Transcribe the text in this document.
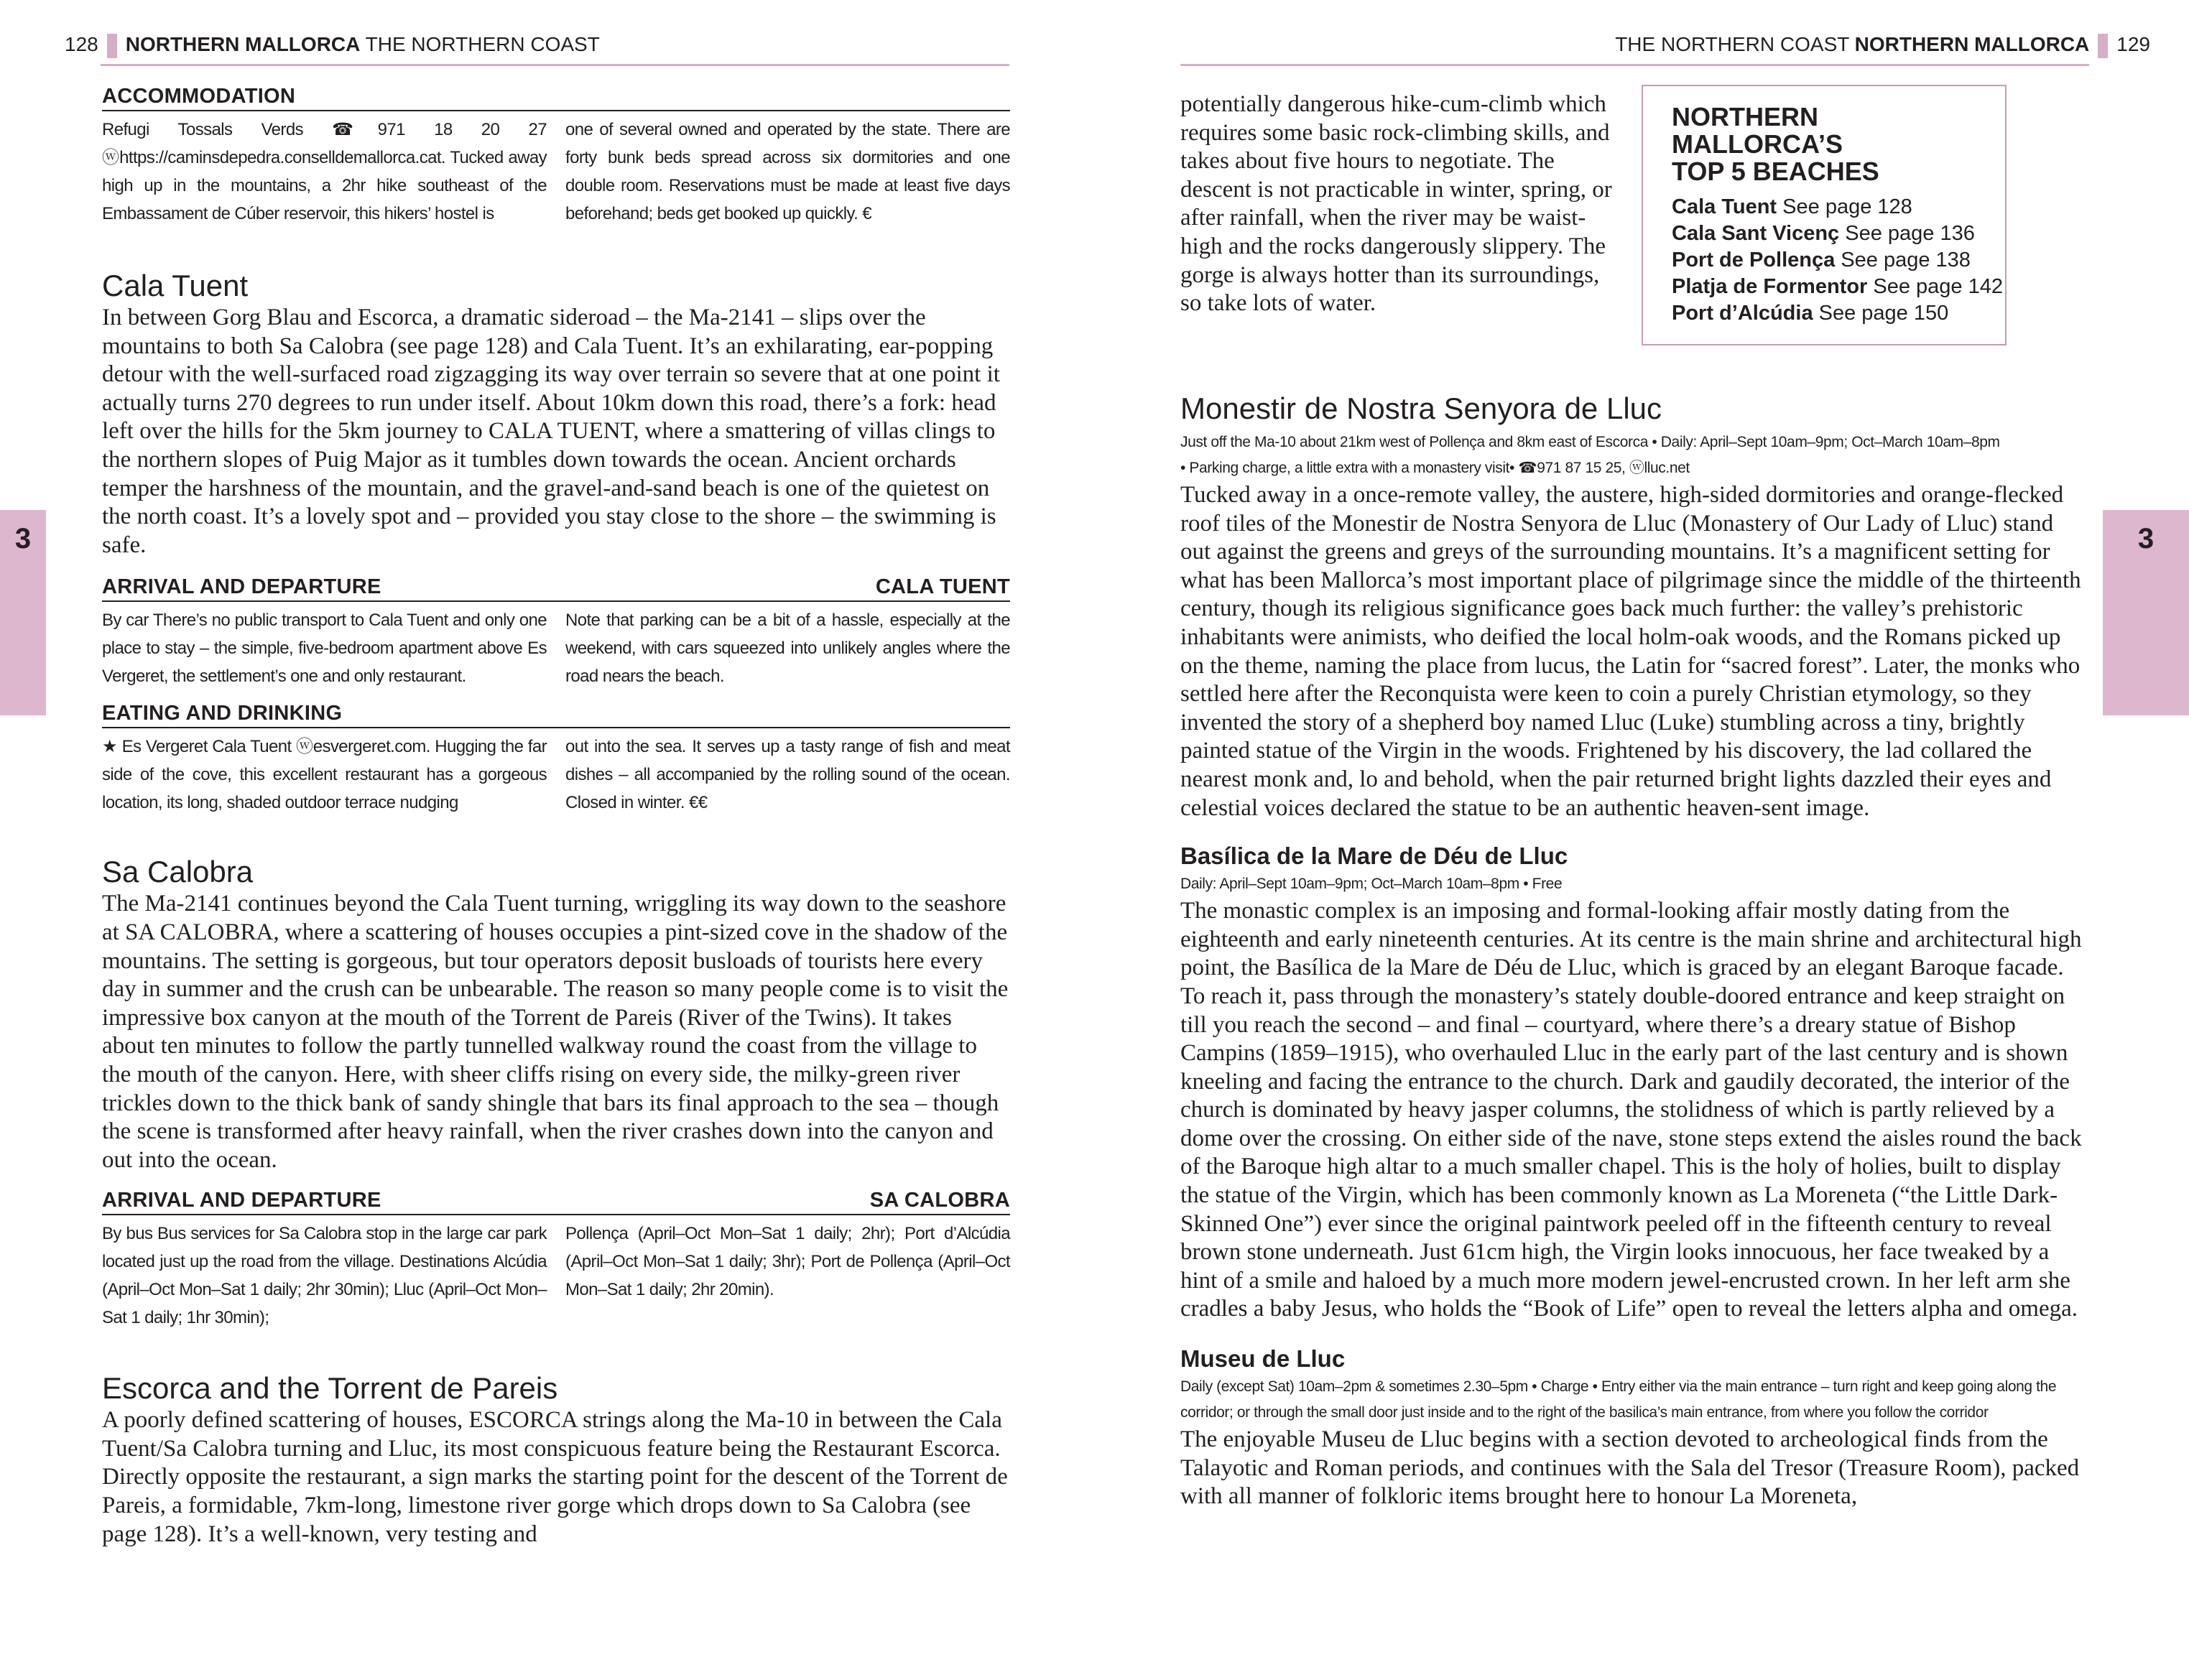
128 NORTHERN MALLORCA THE NORTHERN COAST
3
ACCOMMODATION

Refugi Tossals Verds ☎971 18 20 27 ⓦhttps://caminsdepedra.conselldemallorca.cat. Tucked away high up in the mountains, a 2hr hike southeast of the Embassament de Cúber reservoir, this hikers’ hostel is

one of several owned and operated by the state. There are forty bunk beds spread across six dormitories and one double room. Reservations must be made at least five days beforehand; beds get booked up quickly. €

Cala Tuent

In between Gorg Blau and Escorca, a dramatic sideroad – the Ma-2141 – slips over the mountains to both Sa Calobra (see page 128) and Cala Tuent. It’s an exhilarating, ear-popping detour with the well-surfaced road zigzagging its way over terrain so severe that at one point it actually turns 270 degrees to run under itself. About 10km down this road, there’s a fork: head left over the hills for the 5km journey to CALA TUENT, where a smattering of villas clings to the northern slopes of Puig Major as it tumbles down towards the ocean. Ancient orchards temper the harshness of the mountain, and the gravel-and-sand beach is one of the quietest on the north coast. It’s a lovely spot and – provided you stay close to the shore – the swimming is safe.

ARRIVAL AND DEPARTURE	CALA TUENT

By car There’s no public transport to Cala Tuent and only one place to stay – the simple, five-bedroom apartment above Es Vergeret, the settlement’s one and only restaurant.

Note that parking can be a bit of a hassle, especially at the weekend, with cars squeezed into unlikely angles where the road nears the beach.

EATING AND DRINKING

★ Es Vergeret Cala Tuent ⓦesvergeret.com. Hugging the far side of the cove, this excellent restaurant has a gorgeous location, its long, shaded outdoor terrace nudging

out into the sea. It serves up a tasty range of fish and meat dishes – all accompanied by the rolling sound of the ocean. Closed in winter. €€

Sa Calobra

The Ma-2141 continues beyond the Cala Tuent turning, wriggling its way down to the seashore at SA CALOBRA, where a scattering of houses occupies a pint-sized cove in the shadow of the mountains. The setting is gorgeous, but tour operators deposit busloads of tourists here every day in summer and the crush can be unbearable. The reason so many people come is to visit the impressive box canyon at the mouth of the Torrent de Pareis (River of the Twins). It takes about ten minutes to follow the partly tunnelled walkway round the coast from the village to the mouth of the canyon. Here, with sheer cliffs rising on every side, the milky-green river trickles down to the thick bank of sandy shingle that bars its final approach to the sea – though the scene is transformed after heavy rainfall, when the river crashes down into the canyon and out into the ocean.

ARRIVAL AND DEPARTURE	SA CALOBRA

By bus Bus services for Sa Calobra stop in the large car park located just up the road from the village. Destinations Alcúdia (April–Oct Mon–Sat 1 daily; 2hr 30min); Lluc (April–Oct Mon–Sat 1 daily; 1hr 30min);

Pollença (April–Oct Mon–Sat 1 daily; 2hr); Port d’Alcúdia (April–Oct Mon–Sat 1 daily; 3hr); Port de Pollença (April–Oct Mon–Sat 1 daily; 2hr 20min).

Escorca and the Torrent de Pareis

A poorly defined scattering of houses, ESCORCA strings along the Ma-10 in between the Cala Tuent/Sa Calobra turning and Lluc, its most conspicuous feature being the Restaurant Escorca. Directly opposite the restaurant, a sign marks the starting point for the descent of the Torrent de Pareis, a formidable, 7km-long, limestone river gorge which drops down to Sa Calobra (see page 128). It’s a well-known, very testing and

THE NORTHERN COAST NORTHERN MALLORCA 129
3

potentially dangerous hike-cum-climb which requires some basic rock-climbing skills, and takes about five hours to negotiate. The descent is not practicable in winter, spring, or after rainfall, when the river may be waist-high and the rocks dangerously slippery. The gorge is always hotter than its surroundings, so take lots of water.

NORTHERN MALLORCA’S
TOP 5 BEACHES

Cala Tuent See page 128
Cala Sant Vicenç See page 136
Port de Pollença See page 138
Platja de Formentor See page 142
Port d’Alcúdia See page 150
Monestir de Nostra Senyora de Lluc

Just off the Ma-10 about 21km west of Pollença and 8km east of Escorca • Daily: April–Sept 10am–9pm; Oct–March 10am–8pm

• Parking charge, a little extra with a monastery visit• ☎971 87 15 25, ⓦlluc.net

Tucked away in a once-remote valley, the austere, high-sided dormitories and orange-flecked roof tiles of the Monestir de Nostra Senyora de Lluc (Monastery of Our Lady of Lluc) stand out against the greens and greys of the surrounding mountains. It’s a magnificent setting for what has been Mallorca’s most important place of pilgrimage since the middle of the thirteenth century, though its religious significance goes back much further: the valley’s prehistoric inhabitants were animists, who deified the local holm-oak woods, and the Romans picked up on the theme, naming the place from lucus, the Latin for “sacred forest”. Later, the monks who settled here after the Reconquista were keen to coin a purely Christian etymology, so they invented the story of a shepherd boy named Lluc (Luke) stumbling across a tiny, brightly painted statue of the Virgin in the woods. Frightened by his discovery, the lad collared the nearest monk and, lo and behold, when the pair returned bright lights dazzled their eyes and celestial voices declared the statue to be an authentic heaven-sent image.

Basílica de la Mare de Déu de Lluc

Daily: April–Sept 10am–9pm; Oct–March 10am–8pm • Free

The monastic complex is an imposing and formal-looking affair mostly dating from the eighteenth and early nineteenth centuries. At its centre is the main shrine and architectural high point, the Basílica de la Mare de Déu de Lluc, which is graced by an elegant Baroque facade. To reach it, pass through the monastery’s stately double-doored entrance and keep straight on till you reach the second – and final – courtyard, where there’s a dreary statue of Bishop Campins (1859–1915), who overhauled Lluc in the early part of the last century and is shown kneeling and facing the entrance to the church. Dark and gaudily decorated, the interior of the church is dominated by heavy jasper columns, the stolidness of which is partly relieved by a dome over the crossing. On either side of the nave, stone steps extend the aisles round the back of the Baroque high altar to a much smaller chapel. This is the holy of holies, built to display the statue of the Virgin, which has been commonly known as La Moreneta (“the Little Dark-Skinned One”) ever since the original paintwork peeled off in the fifteenth century to reveal brown stone underneath. Just 61cm high, the Virgin looks innocuous, her face tweaked by a hint of a smile and haloed by a much more modern jewel-encrusted crown. In her left arm she cradles a baby Jesus, who holds the “Book of Life” open to reveal the letters alpha and omega.

Museu de Lluc

Daily (except Sat) 10am–2pm & sometimes 2.30–5pm • Charge • Entry either via the main entrance – turn right and keep going along the

corridor; or through the small door just inside and to the right of the basilica’s main entrance, from where you follow the corridor

The enjoyable Museu de Lluc begins with a section devoted to archeological finds from the Talayotic and Roman periods, and continues with the Sala del Tresor (Treasure Room), packed with all manner of folkloric items brought here to honour La Moreneta,
